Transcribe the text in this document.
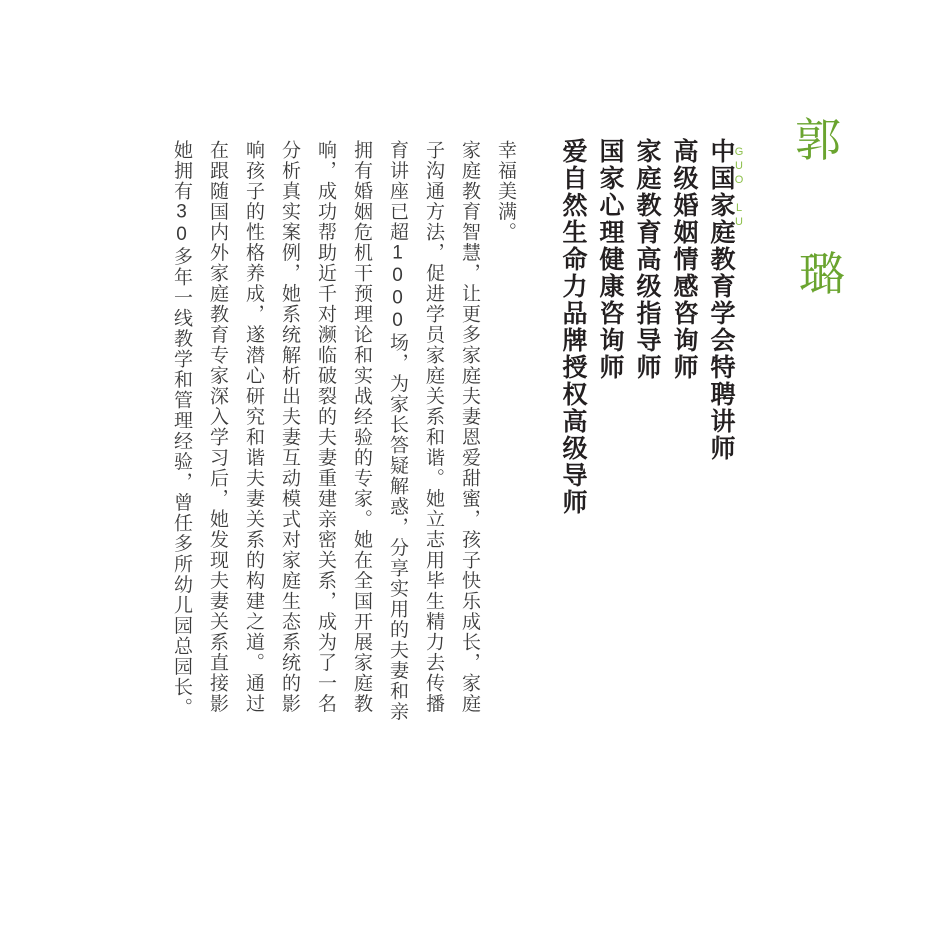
郭
璐
GUO LU
爱自然生命力品牌授权高级导师 国家心理健康咨询师 家庭教育高级指导师 高级婚姻情感咨询师 中国家庭教育学会特聘讲师
她拥有30多年一线教学和管理经验，曾任多所幼儿园总园长。 在跟随国内外家庭教育专家深入学习后，她发现夫妻关系直接影 响孩子的性格养成，遂潜心研究和谐夫妻关系的构建之道。通过 分析真实案例，她系统解析出夫妻互动模式对家庭生态系统的影 响，成功帮助近千对濒临破裂的夫妻重建亲密关系，成为了一名 拥有婚姻危机干预理论和实战经验的专家。她在全国开展家庭教 育讲座已超1000场，为家长答疑解惑，分享实用的夫妻和亲 子沟通方法，促进学员家庭关系和谐。她立志用毕生精力去传播 家庭教育智慧，让更多家庭夫妻恩爱甜蜜，孩子快乐成长，家庭 幸福美满。
